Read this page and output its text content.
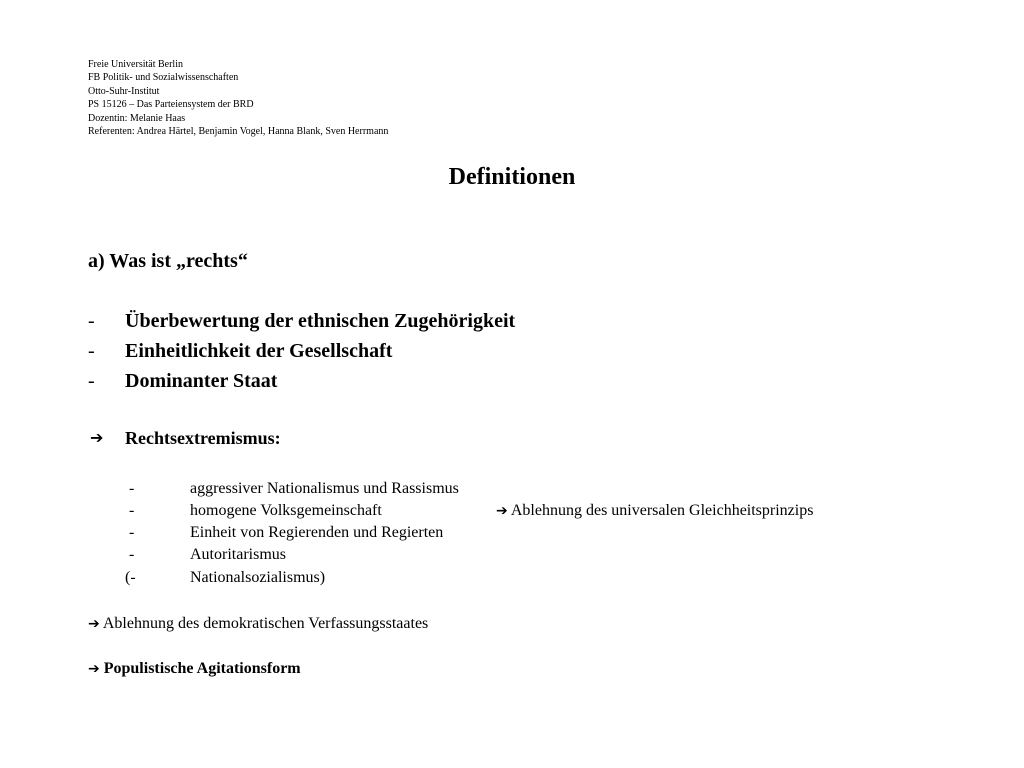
Freie Universität Berlin
FB Politik- und Sozialwissenschaften
Otto-Suhr-Institut
PS 15126 – Das Parteiensystem der BRD
Dozentin: Melanie Haas
Referenten: Andrea Härtel, Benjamin Vogel, Hanna Blank, Sven Herrmann
Definitionen
a) Was ist „rechts“
- Überbewertung der ethnischen Zugehörigkeit
- Einheitlichkeit der Gesellschaft
- Dominanter Staat
➔ Rechtsextremismus:
-	aggressiver Nationalismus und Rassismus
-	homogene Volksgemeinschaft
-	Einheit von Regierenden und Regierten
-	Autoritarismus
(-	Nationalsozialismus)
➔ Ablehnung des universalen Gleichheitsprinzips
➔ Ablehnung des demokratischen Verfassungsstaates
➔ Populistische Agitationsform
